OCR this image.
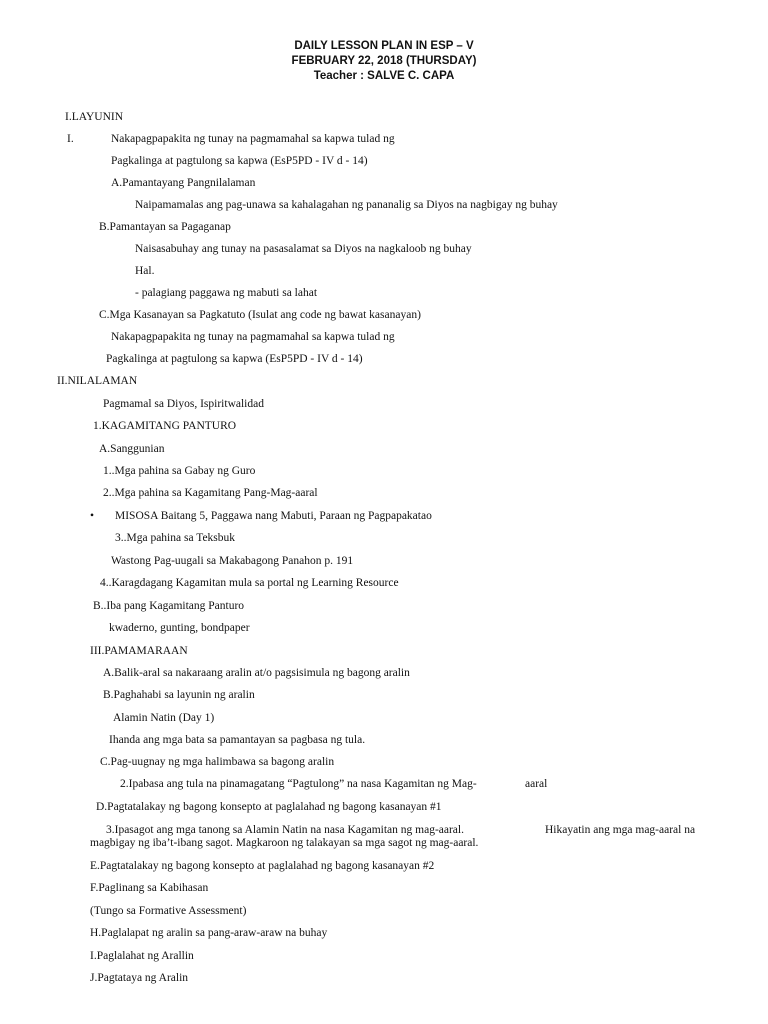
DAILY LESSON PLAN IN ESP – V
FEBRUARY 22, 2018 (THURSDAY)
Teacher : SALVE C. CAPA
I.LAYUNIN
I.	Nakapagpapakita ng tunay na pagmamahal sa kapwa tulad ng
Pagkalinga at pagtulong sa kapwa (EsP5PD - IV d - 14)
A.Pamantayang Pangnilalaman
Naipamamalas ang pag-unawa sa kahalagahan ng pananalig sa Diyos na nagbigay ng buhay
B.Pamantayan sa Pagaganap
Naisasabuhay ang tunay na pasasalamat sa Diyos na nagkaloob ng buhay
Hal.
- palagiang paggawa ng mabuti sa lahat
C.Mga Kasanayan sa Pagkatuto (Isulat ang code ng bawat kasanayan)
Nakapagpapakita ng tunay na pagmamahal sa kapwa tulad ng
Pagkalinga at pagtulong sa kapwa (EsP5PD - IV d - 14)
II.NILALAMAN
Pagmamal sa Diyos, Ispiritwalidad
1.KAGAMITANG PANTURO
A.Sanggunian
1..Mga pahina sa Gabay ng Guro
2..Mga pahina sa Kagamitang Pang-Mag-aaral
• MISOSA Baitang 5, Paggawa nang Mabuti, Paraan ng Pagpapakatao
3..Mga pahina sa Teksbuk
Wastong Pag-uugali sa Makabagong Panahon p. 191
4..Karagdagang Kagamitan mula sa portal ng Learning Resource
B..Iba pang Kagamitang Panturo
kwaderno, gunting, bondpaper
III.PAMAMARAAN
A.Balik-aral sa nakaraang aralin at/o pagsisimula ng bagong aralin
B.Paghahabi sa layunin ng aralin
Alamin Natin (Day 1)
Ihanda ang mga bata sa pamantayan sa pagbasa ng tula.
C.Pag-uugnay ng mga halimbawa sa bagong aralin
2.Ipabasa ang tula na pinamagatang “Pagtulong” na nasa Kagamitan ng Mag-	aaral
D.Pagtatalakay ng bagong konsepto at paglalahad ng bagong kasanayan #1
3.Ipasagot ang mga tanong sa Alamin Natin na nasa Kagamitan ng mag-aaral.	Hikayatin ang mga mag-aaral na
magbigay ng iba’t-ibang sagot. Magkaroon ng talakayan sa mga sagot ng mag-aaral.
E.Pagtatalakay ng bagong konsepto at paglalahad ng bagong kasanayan #2
F.Paglinang sa Kabihasan
(Tungo sa Formative Assessment)
H.Paglalapat ng aralin sa pang-araw-araw na buhay
I.Paglalahat ng Arallin
J.Pagtataya ng Aralin
